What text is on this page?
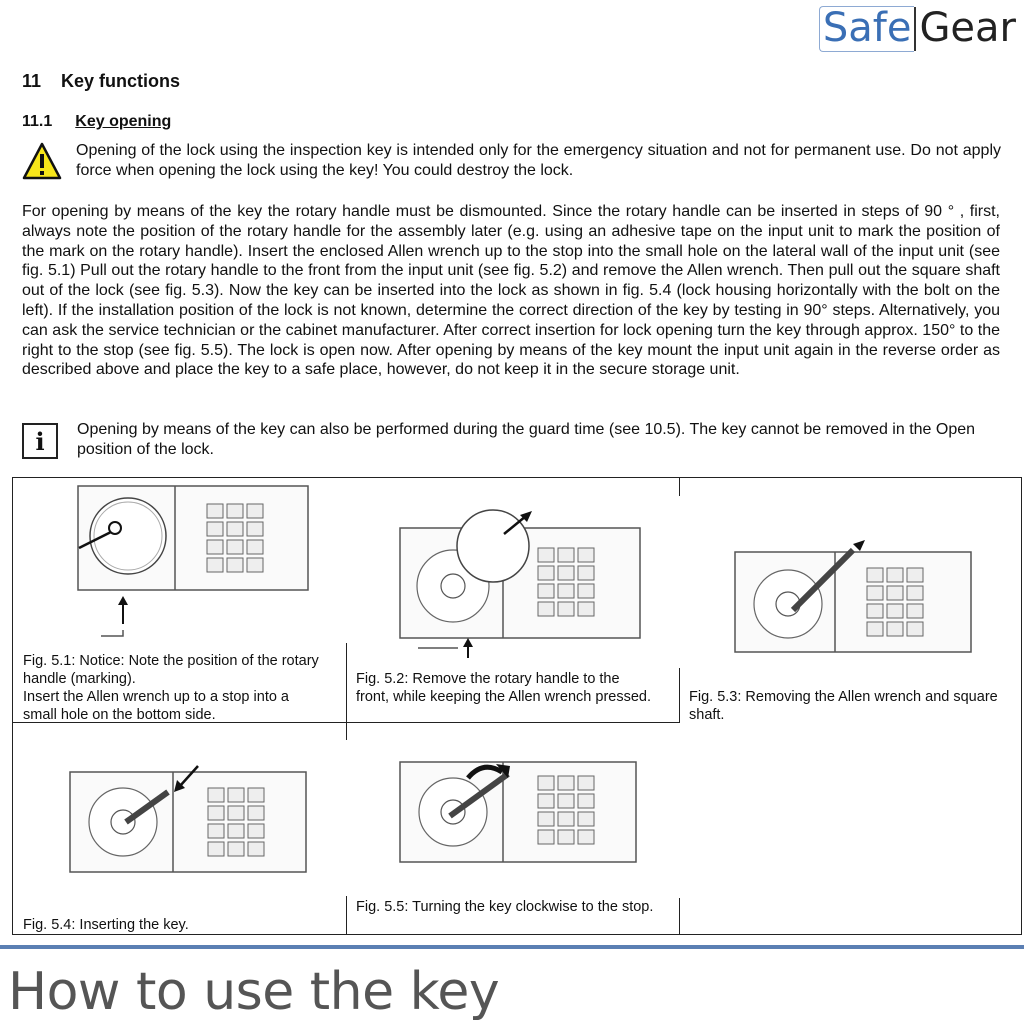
Safe Gear
11 Key functions
11.1 Key opening
Opening of the lock using the inspection key is intended only for the emergency situation and not for permanent use. Do not apply force when opening the lock using the key! You could destroy the lock.
For opening by means of the key the rotary handle must be dismounted. Since the rotary handle can be inserted in steps of 90 ° , first, always note the position of the rotary handle for the assembly later (e.g. using an adhesive tape on the input unit to mark the position of the mark on the rotary handle). Insert the enclosed Allen wrench up to the stop into the small hole on the lateral wall of the input unit (see fig. 5.1) Pull out the rotary handle to the front from the input unit (see fig. 5.2) and remove the Allen wrench. Then pull out the square shaft out of the lock (see fig. 5.3). Now the key can be inserted into the lock as shown in fig. 5.4 (lock housing horizontally with the bolt on the left). If the installation position of the lock is not known, determine the correct direction of the key by testing in 90° steps. Alternatively, you can ask the service technician or the cabinet manufacturer. After correct insertion for lock opening turn the key through approx. 150° to the right to the stop (see fig. 5.5). The lock is open now. After opening by means of the key mount the input unit again in the reverse order as described above and place the key to a safe place, however, do not keep it in the secure storage unit.
i	Opening by means of the key can also be performed during the guard time (see 10.5). The key cannot be removed in the Open position of the lock.
Fig. 5.1: Notice: Note the position of the rotary handle (marking).
Insert the Allen wrench up to a stop into a small hole on the bottom side.
Fig. 5.2: Remove the rotary handle to the front, while keeping the Allen wrench pressed.	Fig. 5.3: Removing the Allen wrench and square shaft.
Fig. 5.4: Inserting the key.
Fig. 5.5: Turning the key clockwise to the stop.
How to use the key
